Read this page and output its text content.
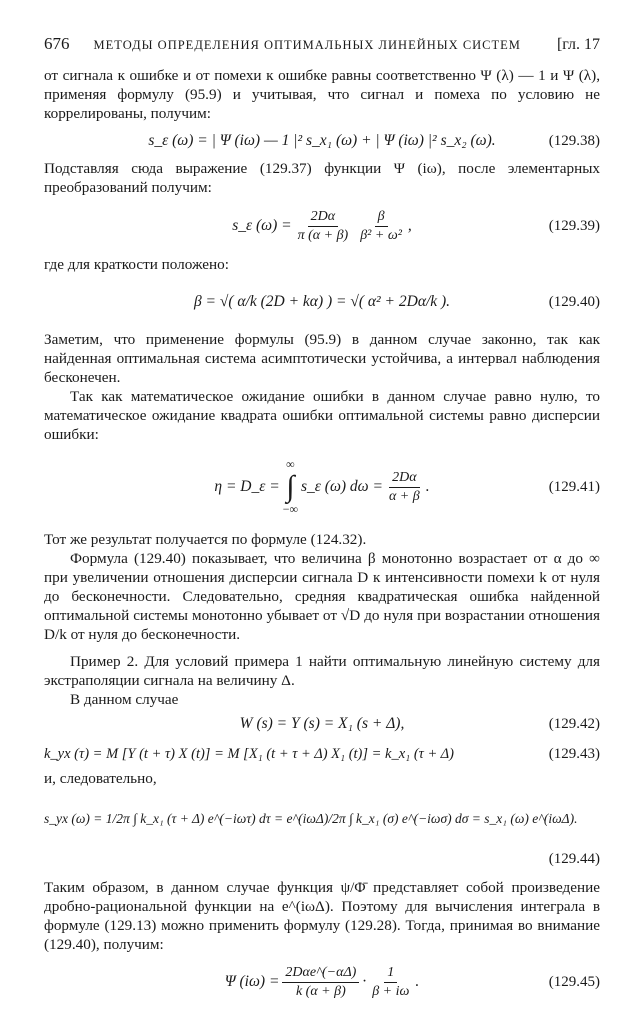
676 МЕТОДЫ ОПРЕДЕЛЕНИЯ ОПТИМАЛЬНЫХ ЛИНЕЙНЫХ СИСТЕМ [гл. 17

от сигнала к ошибке и от помехи к ошибке равны соответственно Ψ (λ) — 1 и Ψ (λ), применяя формулу (95.9) и учитывая, что сигнал и помеха по условию не коррелированы, получим:

s_ε (ω) = | Ψ (iω) — 1 |² s_x₁ (ω) + | Ψ (iω) |² s_x₂ (ω).	(129.38)

Подставляя сюда выражение (129.37) функции Ψ (iω), после элементарных преобразований получим:

s_ε $(\omega) = \frac{2D\alpha}{\pi (\alpha + \beta)} \frac{\beta}{\text{β² + ω²}}$ ,	(129.39)

где для краткости положено:

β = √( α/k (2D + kα) ) = √( α² + 2Dα/k ).	(129.40)

Заметим, что применение формулы (95.9) в данном случае законно, так как найденная оптимальная система асимптотически устойчива, а интервал наблюдения бесконечен.

Так как математическое ожидание ошибки в данном случае равно нулю, то математическое ожидание квадрата ошибки оптимальной системы равно дисперсии ошибки:

η = D_ε =
∞
∫
−∞
s_ε (ω) $d\omega = \frac{2D\alpha}{\alpha + \beta}$ .	(129.41)

Тот же результат получается по формуле (124.32).

Формула (129.40) показывает, что величина β монотонно возрастает от α до ∞ при увеличении отношения дисперсии сигнала D к интенсивности помехи k от нуля до бесконечности. Следовательно, средняя квадратическая ошибка найденной оптимальной системы монотонно убывает от √D до нуля при возрастании отношения D/k от нуля до бесконечности.

Пример 2. Для условий примера 1 найти оптимальную линейную систему для экстраполяции сигнала на величину Δ.

В данном случае

W (s) = Y (s) = X₁ (s + Δ),	(129.42)
k_yx (τ) = M [Y (t + τ) X (t)] = M [X₁ (t + τ + Δ) X₁ (t)] = k_x₁ (τ + Δ)	(129.43)

и, следовательно,

s_yx (ω) = 1/2π ∫ k_x₁ (τ + Δ) e^(−iωτ) dτ = e^(iωΔ)/2π ∫ k_x₁ (σ) e^(−iωσ) dσ = s_x₁ (ω) e^(iωΔ).
(129.44)

Таким образом, в данном случае функция ψ/Φ̄ представляет собой произведение дробно-рациональной функции на e^(iωΔ). Поэтому для вычисления интеграла в формуле (129.13) можно применить формулу (129.28). Тогда, принимая во внимание (129.40), получим:

Ψ $(i\omega) = \frac{\text{2Dαe\textasciicircum{}(−αΔ)}}{k (\alpha + \beta)} \cdot \frac{1}{\beta + i\omega}$ .	(129.45)
